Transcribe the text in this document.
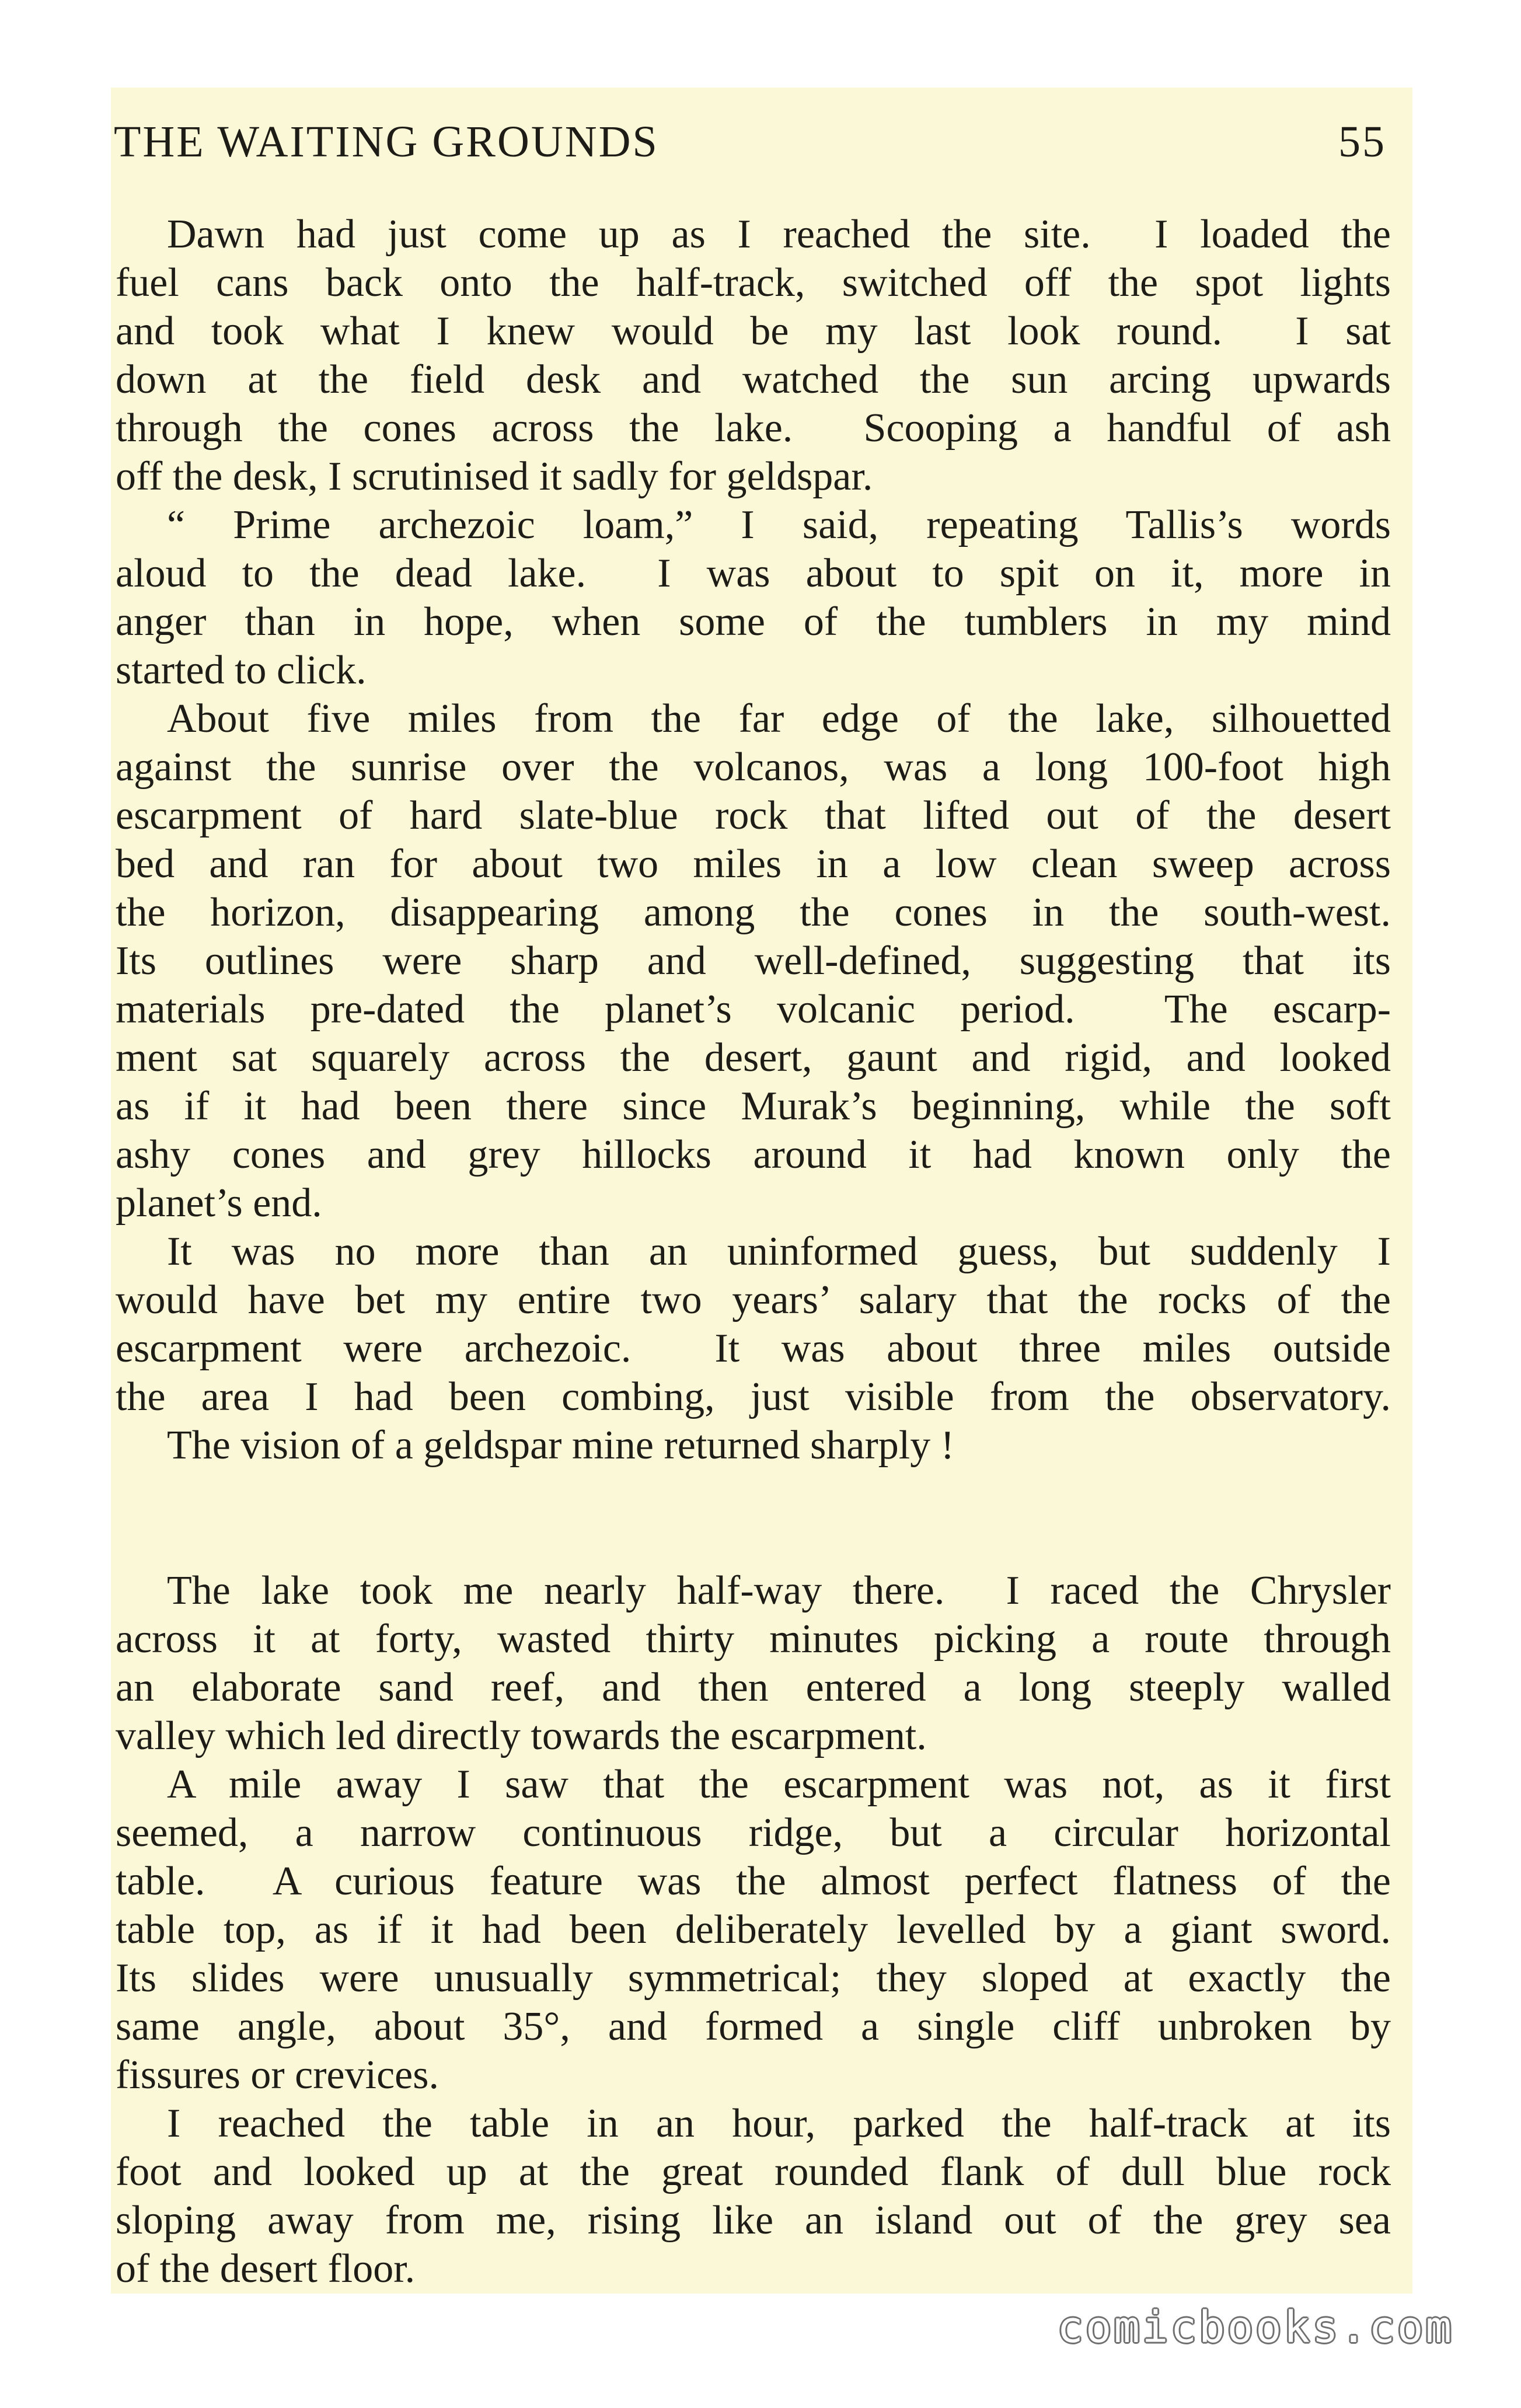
THE WAITING GROUNDS	55
Dawn had just come up as I reached the site.  I loaded the
fuel cans back onto the half-track, switched off the spot lights
and took what I knew would be my last look round.  I sat
down at the field desk and watched the sun arcing upwards
through the cones across the lake.  Scooping a handful of ash
off the desk, I scrutinised it sadly for geldspar.
“ Prime archezoic loam,” I said, repeating Tallis’s words
aloud to the dead lake.  I was about to spit on it, more in
anger than in hope, when some of the tumblers in my mind
started to click.
About five miles from the far edge of the lake, silhouetted
against the sunrise over the volcanos, was a long 100-foot high
escarpment of hard slate-blue rock that lifted out of the desert
bed and ran for about two miles in a low clean sweep across
the horizon, disappearing among the cones in the south-west.
Its outlines were sharp and well-defined, suggesting that its
materials pre-dated the planet’s volcanic period.  The escarp-
ment sat squarely across the desert, gaunt and rigid, and looked
as if it had been there since Murak’s beginning, while the soft
ashy cones and grey hillocks around it had known only the
planet’s end.
It was no more than an uninformed guess, but suddenly I
would have bet my entire two years’ salary that the rocks of the
escarpment were archezoic.  It was about three miles outside
the area I had been combing, just visible from the observatory.
The vision of a geldspar mine returned sharply !
The lake took me nearly half-way there.  I raced the Chrysler
across it at forty, wasted thirty minutes picking a route through
an elaborate sand reef, and then entered a long steeply walled
valley which led directly towards the escarpment.
A mile away I saw that the escarpment was not, as it first
seemed, a narrow continuous ridge, but a circular horizontal
table.  A curious feature was the almost perfect flatness of the
table top, as if it had been deliberately levelled by a giant sword.
Its slides were unusually symmetrical; they sloped at exactly the
same angle, about 35°, and formed a single cliff unbroken by
fissures or crevices.
I reached the table in an hour, parked the half-track at its
foot and looked up at the great rounded flank of dull blue rock
sloping away from me, rising like an island out of the grey sea
of the desert floor.
comicbooks.com
